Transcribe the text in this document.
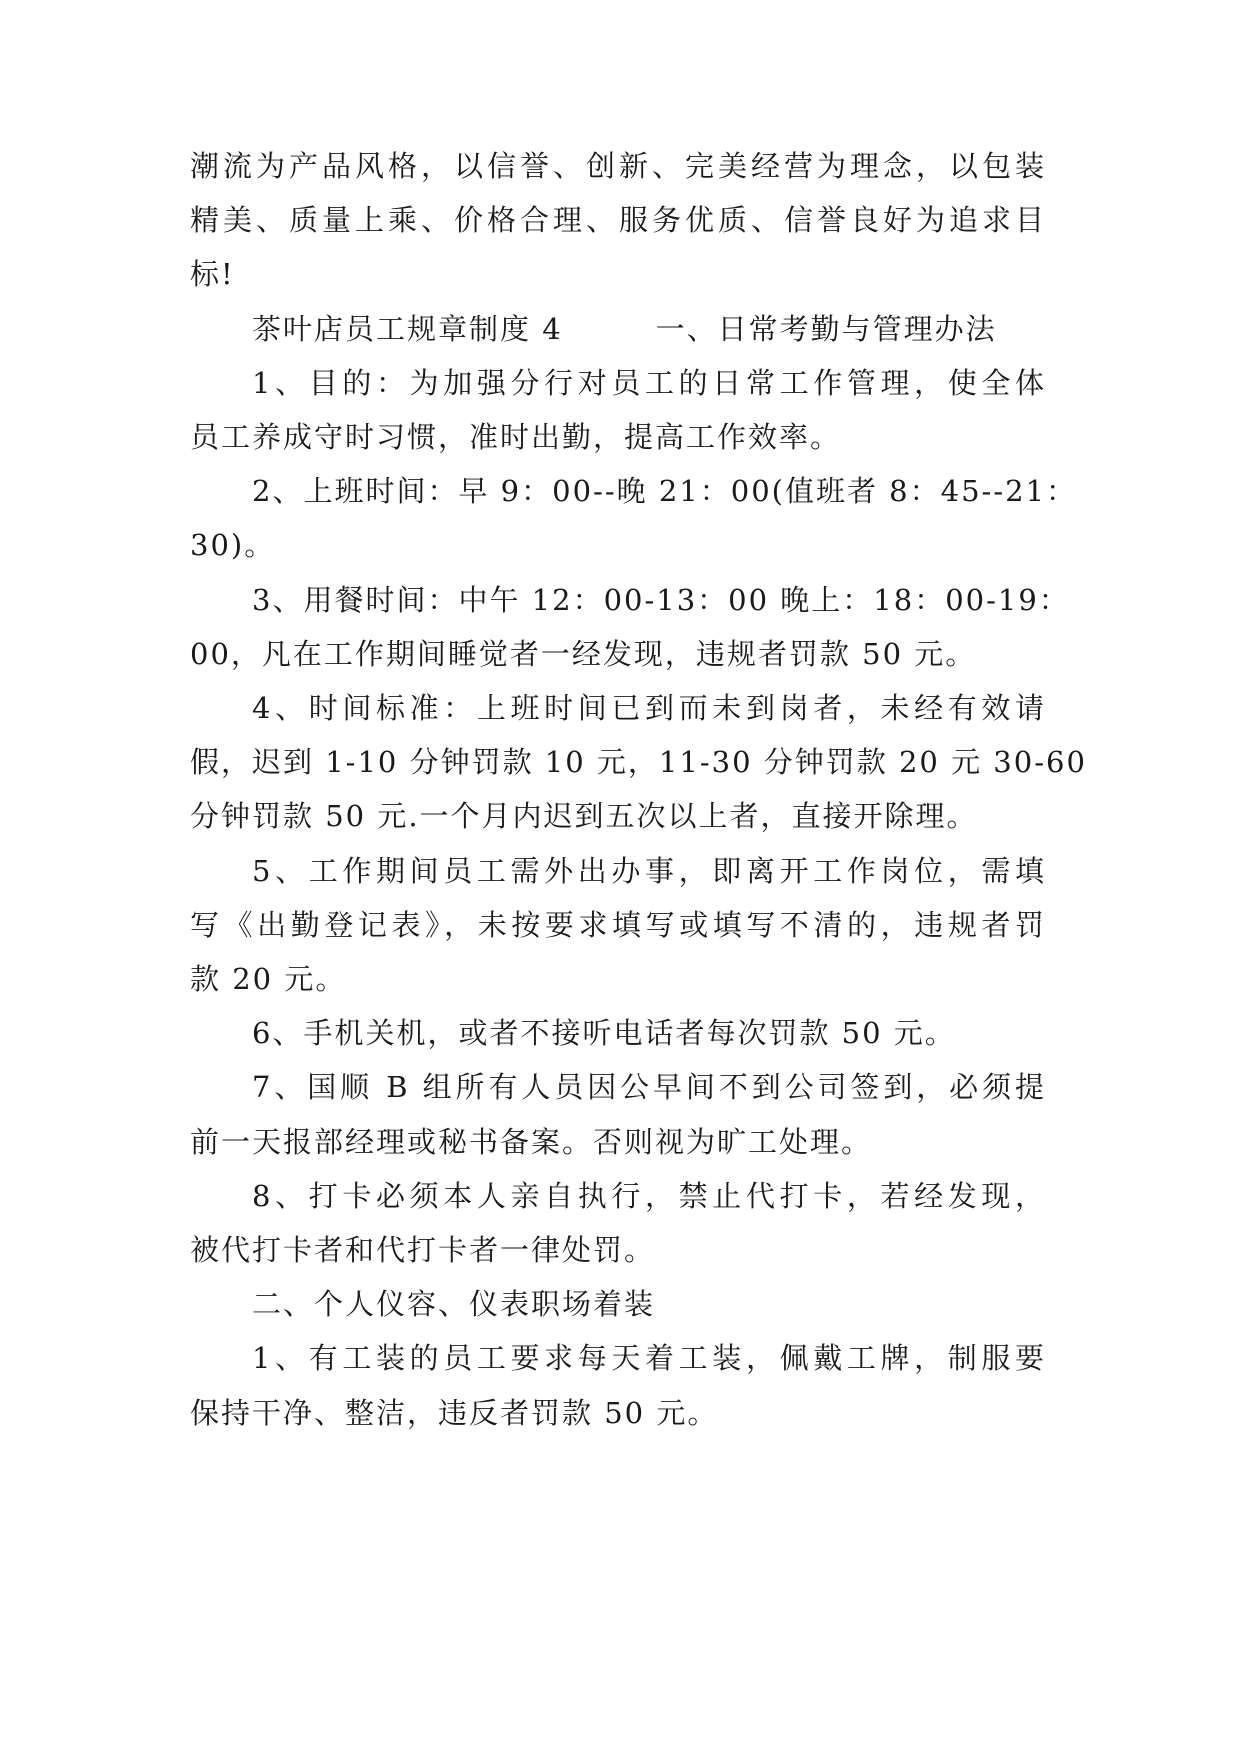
潮流为产品风格，以信誉、创新、完美经营为理念，以包装
精美、质量上乘、价格合理、服务优质、信誉良好为追求目
标!
茶叶店员工规章制度 4　　　一、日常考勤与管理办法
1、目的：为加强分行对员工的日常工作管理，使全体
员工养成守时习惯，准时出勤，提高工作效率。
2、上班时间：早 9：00--晚 21：00(值班者 8：45--21：
30)。
3、用餐时间：中午 12：00-13：00 晚上：18：00-19：
00，凡在工作期间睡觉者一经发现，违规者罚款 50 元。
4、时间标准：上班时间已到而未到岗者，未经有效请
假，迟到 1-10 分钟罚款 10 元，11-30 分钟罚款 20 元 30-60
分钟罚款 50 元.一个月内迟到五次以上者，直接开除理。
5、工作期间员工需外出办事，即离开工作岗位，需填
写《出勤登记表》，未按要求填写或填写不清的，违规者罚
款 20 元。
6、手机关机，或者不接听电话者每次罚款 50 元。
7、国顺 B 组所有人员因公早间不到公司签到，必须提
前一天报部经理或秘书备案。否则视为旷工处理。
8、打卡必须本人亲自执行，禁止代打卡，若经发现，
被代打卡者和代打卡者一律处罚。
二、个人仪容、仪表职场着装
1、有工装的员工要求每天着工装，佩戴工牌，制服要
保持干净、整洁，违反者罚款 50 元。
